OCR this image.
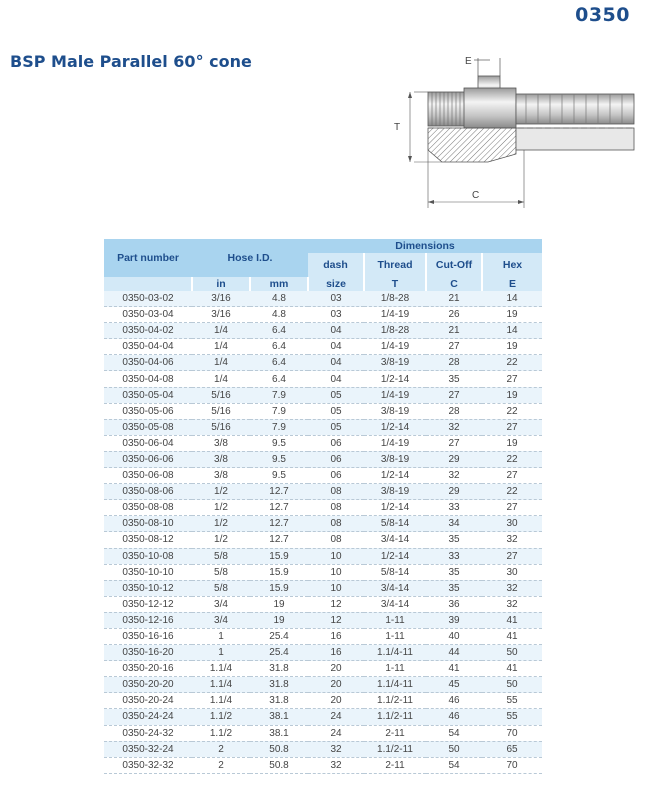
0350
BSP Male Parallel 60° cone	E
T
C
Part number	Hose I.D.		Dimensions			
			dash	Thread	Cut-Off	Hex
	in	mm	size	T	C	E
0350-03-02	3/16	4.8	03	1/8-28	21	14
0350-03-04	3/16	4.8	03	1/4-19	26	19
0350-04-02	1/4	6.4	04	1/8-28	21	14
0350-04-04	1/4	6.4	04	1/4-19	27	19
0350-04-06	1/4	6.4	04	3/8-19	28	22
0350-04-08	1/4	6.4	04	1/2-14	35	27
0350-05-04	5/16	7.9	05	1/4-19	27	19
0350-05-06	5/16	7.9	05	3/8-19	28	22
0350-05-08	5/16	7.9	05	1/2-14	32	27
0350-06-04	3/8	9.5	06	1/4-19	27	19
0350-06-06	3/8	9.5	06	3/8-19	29	22
0350-06-08	3/8	9.5	06	1/2-14	32	27
0350-08-06	1/2	12.7	08	3/8-19	29	22
0350-08-08	1/2	12.7	08	1/2-14	33	27
0350-08-10	1/2	12.7	08	5/8-14	34	30
0350-08-12	1/2	12.7	08	3/4-14	35	32
0350-10-08	5/8	15.9	10	1/2-14	33	27
0350-10-10	5/8	15.9	10	5/8-14	35	30
0350-10-12	5/8	15.9	10	3/4-14	35	32
0350-12-12	3/4	19	12	3/4-14	36	32
0350-12-16	3/4	19	12	1-11	39	41
0350-16-16	1	25.4	16	1-11	40	41
0350-16-20	1	25.4	16	1.1/4-11	44	50
0350-20-16	1.1/4	31.8	20	1-11	41	41
0350-20-20	1.1/4	31.8	20	1.1/4-11	45	50
0350-20-24	1.1/4	31.8	20	1.1/2-11	46	55
0350-24-24	1.1/2	38.1	24	1.1/2-11	46	55
0350-24-32	1.1/2	38.1	24	2-11	54	70
0350-32-24	2	50.8	32	1.1/2-11	50	65
0350-32-32	2	50.8	32	2-11	54	70
